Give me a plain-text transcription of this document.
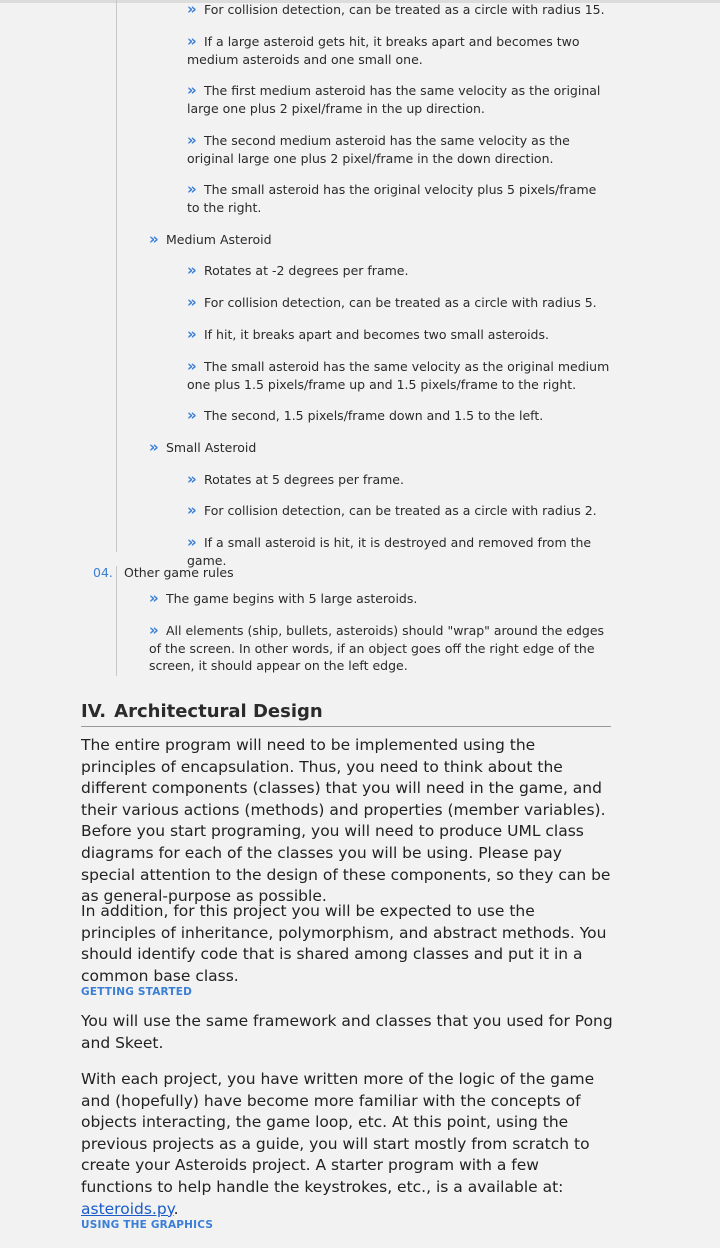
» For collision detection, can be treated as a circle with radius 15.
» If a large asteroid gets hit, it breaks apart and becomes two medium asteroids and one small one.
» The first medium asteroid has the same velocity as the original large one plus 2 pixel/frame in the up direction.
» The second medium asteroid has the same velocity as the original large one plus 2 pixel/frame in the down direction.
» The small asteroid has the original velocity plus 5 pixels/frame to the right.
» Medium Asteroid
» Rotates at -2 degrees per frame.
» For collision detection, can be treated as a circle with radius 5.
» If hit, it breaks apart and becomes two small asteroids.
» The small asteroid has the same velocity as the original medium one plus 1.5 pixels/frame up and 1.5 pixels/frame to the right.
» The second, 1.5 pixels/frame down and 1.5 to the left.
» Small Asteroid
» Rotates at 5 degrees per frame.
» For collision detection, can be treated as a circle with radius 2.
» If a small asteroid is hit, it is destroyed and removed from the game.
04. Other game rules
» The game begins with 5 large asteroids.
» All elements (ship, bullets, asteroids) should "wrap" around the edges of the screen. In other words, if an object goes off the right edge of the screen, it should appear on the left edge.
IV. Architectural Design
The entire program will need to be implemented using the principles of encapsulation. Thus, you need to think about the different components (classes) that you will need in the game, and their various actions (methods) and properties (member variables). Before you start programing, you will need to produce UML class diagrams for each of the classes you will be using. Please pay special attention to the design of these components, so they can be as general-purpose as possible.
In addition, for this project you will be expected to use the principles of inheritance, polymorphism, and abstract methods. You should identify code that is shared among classes and put it in a common base class.
GETTING STARTED
You will use the same framework and classes that you used for Pong and Skeet.
With each project, you have written more of the logic of the game and (hopefully) have become more familiar with the concepts of objects interacting, the game loop, etc. At this point, using the previous projects as a guide, you will start mostly from scratch to create your Asteroids project. A starter program with a few functions to help handle the keystrokes, etc., is a available at: asteroids.py.
USING THE GRAPHICS
